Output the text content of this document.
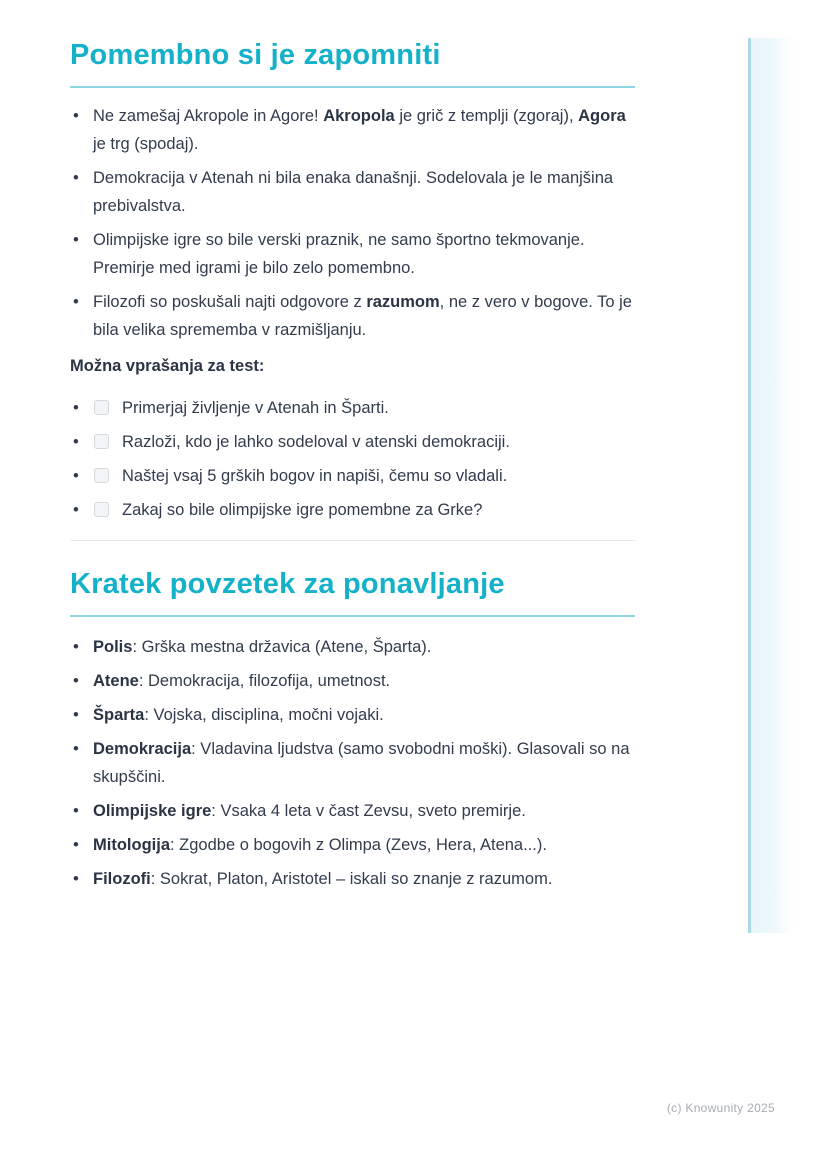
Pomembno si je zapomniti
• Ne zamešaj Akropole in Agore! Akropola je grič z templji (zgoraj), Agora je trg (spodaj).
• Demokracija v Atenah ni bila enaka današnji. Sodelovala je le manjšina prebivalstva.
• Olimpijske igre so bile verski praznik, ne samo športno tekmovanje. Premirje med igrami je bilo zelo pomembno.
• Filozofi so poskušali najti odgovore z razumom, ne z vero v bogove. To je bila velika sprememba v razmišljanju.

Možna vprašanja za test:

• Primerjaj življenje v Atenah in Šparti.
• Razloži, kdo je lahko sodeloval v atenski demokraciji.
• Naštej vsaj 5 grških bogov in napiši, čemu so vladali.
• Zakaj so bile olimpijske igre pomembne za Grke?
Kratek povzetek za ponavljanje
• Polis: Grška mestna državica (Atene, Šparta).
• Atene: Demokracija, filozofija, umetnost.
• Šparta: Vojska, disciplina, močni vojaki.
• Demokracija: Vladavina ljudstva (samo svobodni moški). Glasovali so na skupščini.
• Olimpijske igre: Vsaka 4 leta v čast Zevsu, sveto premirje.
• Mitologija: Zgodbe o bogovih z Olimpa (Zevs, Hera, Atena...).
• Filozofi: Sokrat, Platon, Aristotel – iskali so znanje z razumom.
(c) Knowunity 2025
